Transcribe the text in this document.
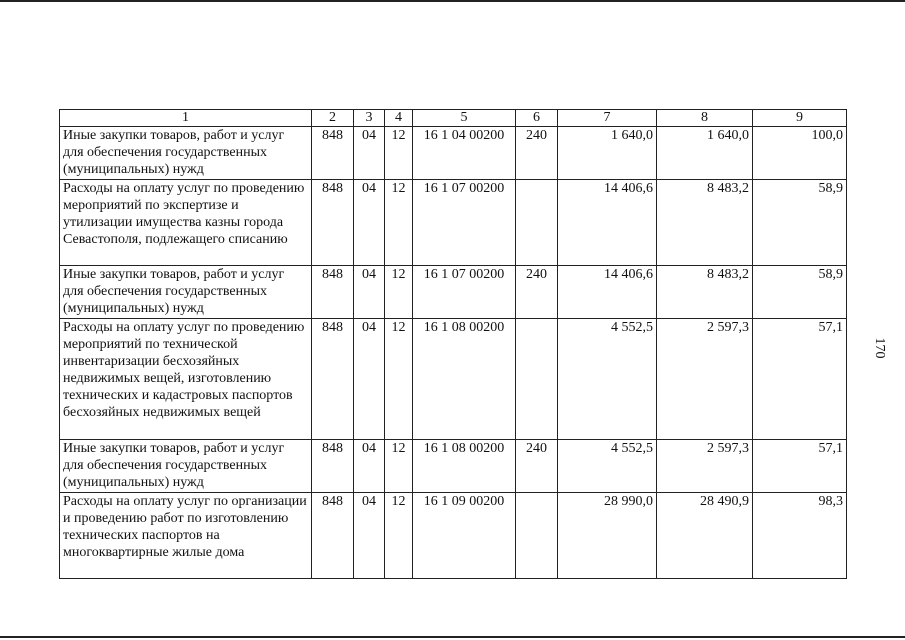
1	2	3	4	5	6	7	8	9
Иные закупки товаров, работ и услуг для обеспечения государственных (муниципальных) нужд	848	04	12	16 1 04 00200	240	1 640,0	1 640,0	100,0
Расходы на оплату услуг по проведению мероприятий по экспертизе и утилизации имущества казны города Севастополя, подлежащего списанию	848	04	12	16 1 07 00200		14 406,6	8 483,2	58,9
Иные закупки товаров, работ и услуг для обеспечения государственных (муниципальных) нужд	848	04	12	16 1 07 00200	240	14 406,6	8 483,2	58,9
Расходы на оплату услуг по проведению мероприятий по технической инвентаризации бесхозяйных недвижимых вещей, изготовлению технических и кадастровых паспортов бесхозяйных недвижимых вещей	848	04	12	16 1 08 00200		4 552,5	2 597,3	57,1
Иные закупки товаров, работ и услуг для обеспечения государственных (муниципальных) нужд	848	04	12	16 1 08 00200	240	4 552,5	2 597,3	57,1
Расходы на оплату услуг по организации и проведению работ по изготовлению технических паспортов на многоквартирные жилые дома	848	04	12	16 1 09 00200		28 990,0	28 490,9	98,3
170
